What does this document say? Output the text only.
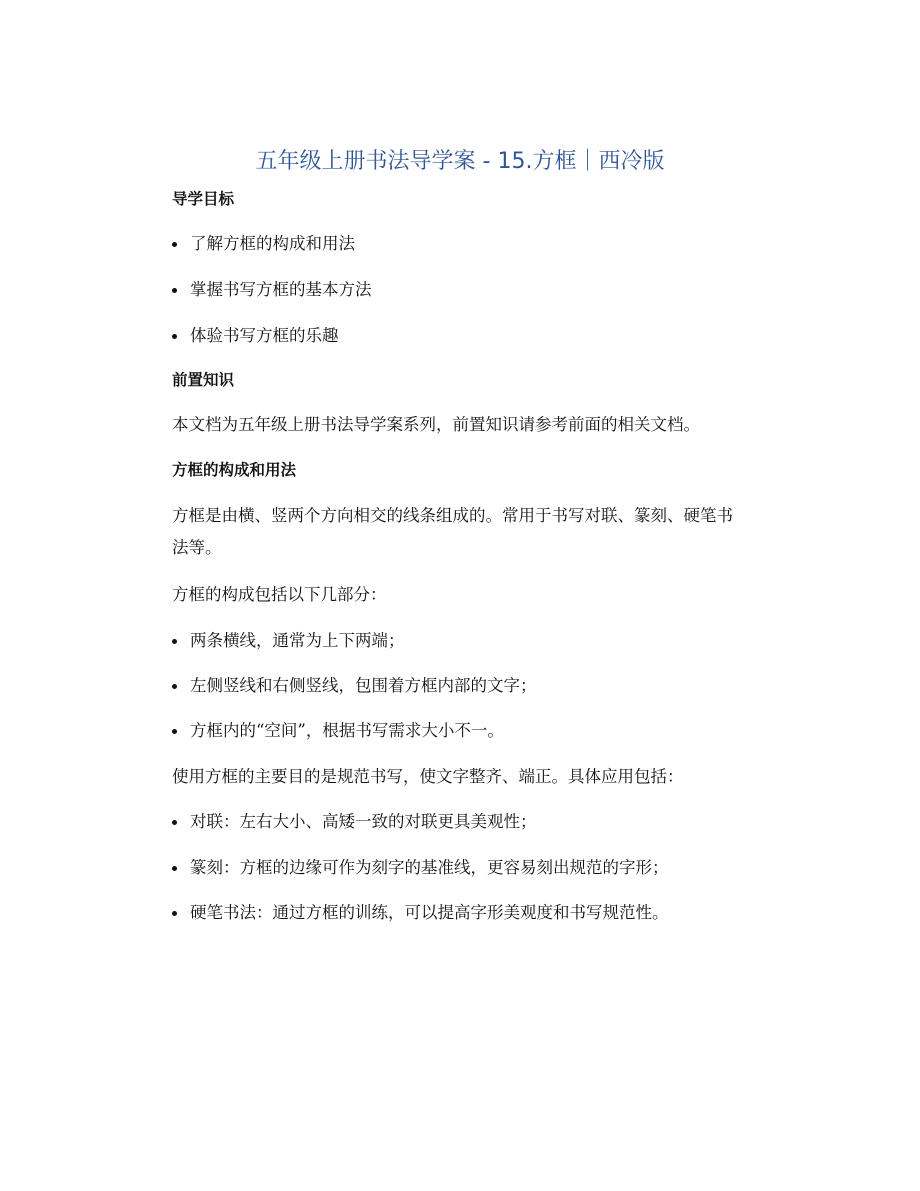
五年级上册书法导学案 - 15.方框｜西冷版
导学目标
了解方框的构成和用法
掌握书写方框的基本方法
体验书写方框的乐趣
前置知识
本文档为五年级上册书法导学案系列，前置知识请参考前面的相关文档。
方框的构成和用法
方框是由横、竖两个方向相交的线条组成的。常用于书写对联、篆刻、硬笔书
法等。
方框的构成包括以下几部分：
两条横线，通常为上下两端；
左侧竖线和右侧竖线，包围着方框内部的文字；
方框内的“空间”，根据书写需求大小不一。
使用方框的主要目的是规范书写，使文字整齐、端正。具体应用包括：
对联：左右大小、高矮一致的对联更具美观性；
篆刻：方框的边缘可作为刻字的基准线，更容易刻出规范的字形；
硬笔书法：通过方框的训练，可以提高字形美观度和书写规范性。
